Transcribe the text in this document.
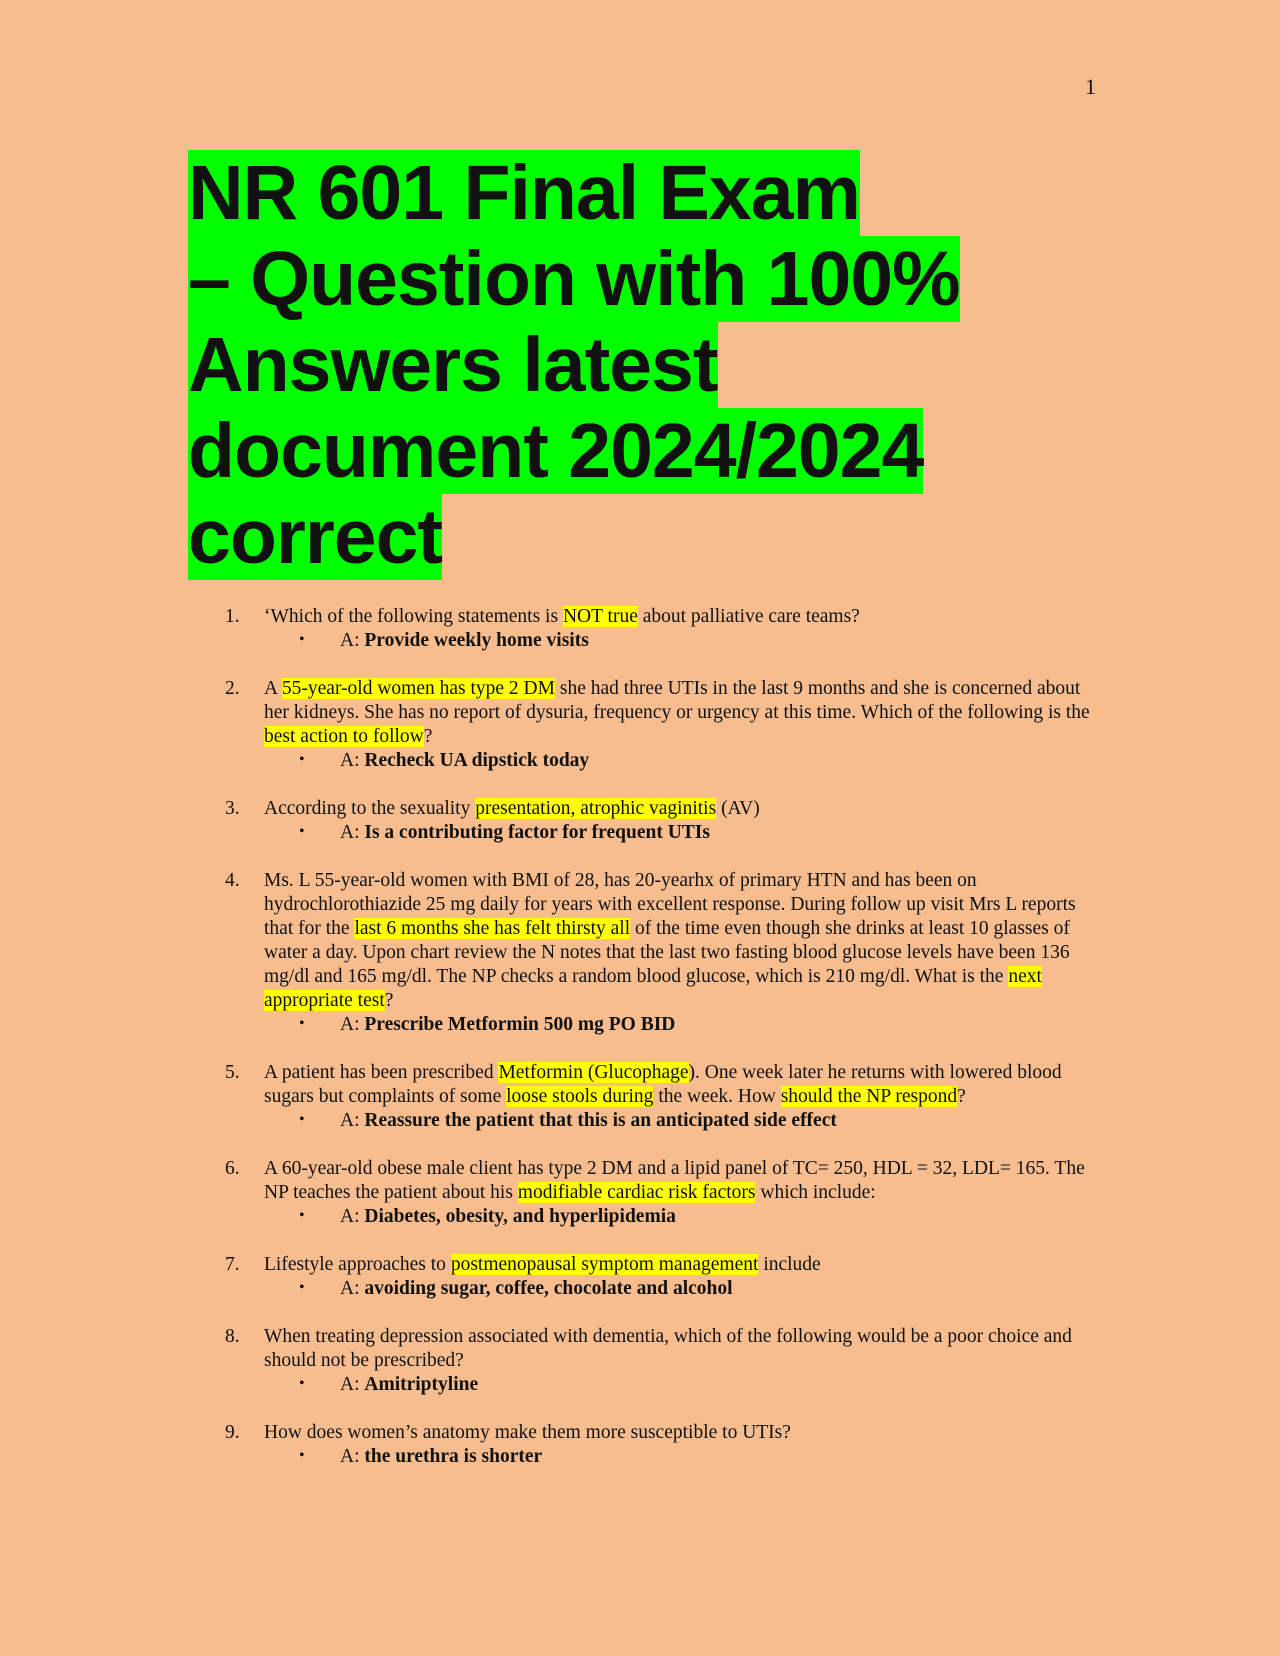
1
NR 601 Final Exam
– Question with 100%
Answers latest
document 2024/2024
correct
1. ‘Which of the following statements is NOT true about palliative care teams?
• A: Provide weekly home visits
2. A 55-year-old women has type 2 DM she had three UTIs in the last 9 months and she is concerned about her kidneys. She has no report of dysuria, frequency or urgency at this time. Which of the following is the best action to follow?
• A: Recheck UA dipstick today
3. According to the sexuality presentation, atrophic vaginitis (AV)
• A: Is a contributing factor for frequent UTIs
4. Ms. L 55-year-old women with BMI of 28, has 20-yearhx of primary HTN and has been on hydrochlorothiazide 25 mg daily for years with excellent response. During follow up visit Mrs L reports that for the last 6 months she has felt thirsty all of the time even though she drinks at least 10 glasses of water a day. Upon chart review the N notes that the last two fasting blood glucose levels have been 136 mg/dl and 165 mg/dl. The NP checks a random blood glucose, which is 210 mg/dl. What is the next appropriate test?
• A: Prescribe Metformin 500 mg PO BID
5. A patient has been prescribed Metformin (Glucophage). One week later he returns with lowered blood sugars but complaints of some loose stools during the week. How should the NP respond?
• A: Reassure the patient that this is an anticipated side effect
6. A 60-year-old obese male client has type 2 DM and a lipid panel of TC= 250, HDL = 32, LDL= 165. The NP teaches the patient about his modifiable cardiac risk factors which include:
• A: Diabetes, obesity, and hyperlipidemia
7. Lifestyle approaches to postmenopausal symptom management include
• A: avoiding sugar, coffee, chocolate and alcohol
8. When treating depression associated with dementia, which of the following would be a poor choice and should not be prescribed?
• A: Amitriptyline
9. How does women’s anatomy make them more susceptible to UTIs?
• A: the urethra is shorter
